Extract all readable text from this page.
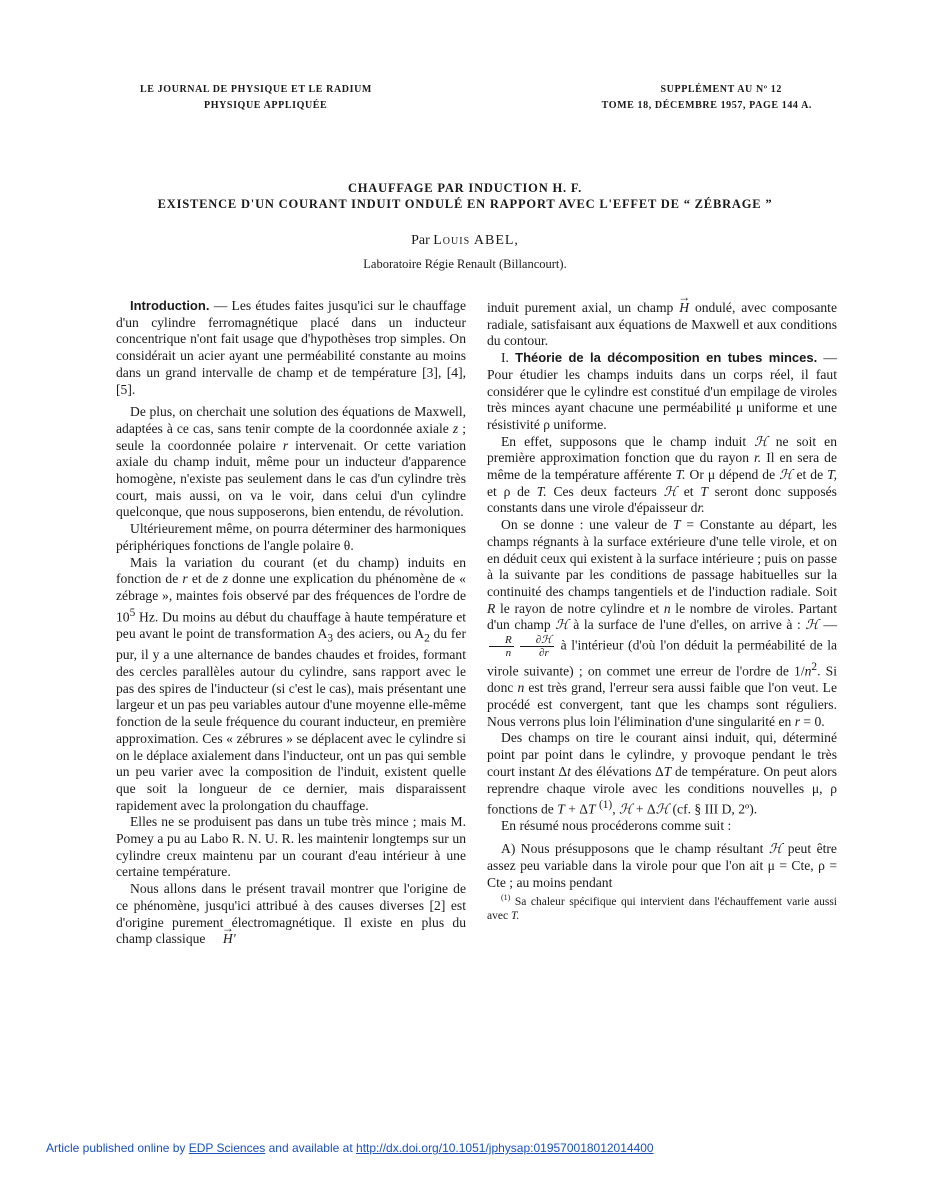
LE JOURNAL DE PHYSIQUE ET LE RADIUM
PHYSIQUE APPLIQUÉE
SUPPLÉMENT AU Nº 12
TOME 18, DÉCEMBRE 1957, PAGE 144 A.
CHAUFFAGE PAR INDUCTION H. F.
EXISTENCE D'UN COURANT INDUIT ONDULÉ EN RAPPORT AVEC L'EFFET DE “ ZÉBRAGE ”
Par Louis ABEL,
Laboratoire Régie Renault (Billancourt).

Introduction. — Les études faites jusqu'ici sur le chauffage d'un cylindre ferromagnétique placé dans un inducteur concentrique n'ont fait usage que d'hypothèses trop simples. On considérait un acier ayant une perméabilité constante au moins dans un grand intervalle de champ et de température [3], [4], [5].

De plus, on cherchait une solution des équations de Maxwell, adaptées à ce cas, sans tenir compte de la coordonnée axiale z ; seule la coordonnée polaire r intervenait. Or cette variation axiale du champ induit, même pour un inducteur d'apparence homogène, n'existe pas seulement dans le cas d'un cylindre très court, mais aussi, on va le voir, dans celui d'un cylindre quelconque, que nous supposerons, bien entendu, de révolution.

Ultérieurement même, on pourra déterminer des harmoniques périphériques fonctions de l'angle polaire θ.

Mais la variation du courant (et du champ) induits en fonction de r et de z donne une explication du phénomène de « zébrage », maintes fois observé par des fréquences de l'ordre de $10^5$ Hz. Du moins au début du chauffage à haute température et peu avant le point de transformation $A_3$ des aciers, ou $A_2$ du fer pur, il y a une alternance de bandes chaudes et froides, formant des cercles parallèles autour du cylindre, sans rapport avec le pas des spires de l'inducteur (si c'est le cas), mais présentant une largeur et un pas peu variables autour d'une moyenne elle-même fonction de la seule fréquence du courant inducteur, en première approximation. Ces « zébrures » se déplacent avec le cylindre si on le déplace axialement dans l'inducteur, ont un pas qui semble un peu varier avec la composition de l'induit, existent quelle que soit la longueur de ce dernier, mais disparaissent rapidement avec la prolongation du chauffage.

Elles ne se produisent pas dans un tube très mince ; mais M. Pomey a pu au Labo R. N. U. R. les maintenir longtemps sur un cylindre creux maintenu par un courant d'eau intérieur à une certaine température.

Nous allons dans le présent travail montrer que l'origine de ce phénomène, jusqu'ici attribué à des causes diverses [2] est d'origine purement électromagnétique. Il existe en plus du champ classique → H'

induit purement axial, un champ → H ondulé, avec composante radiale, satisfaisant aux équations de Maxwell et aux conditions du contour.

I. Théorie de la décomposition en tubes minces. — Pour étudier les champs induits dans un corps réel, il faut considérer que le cylindre est constitué d'un empilage de viroles très minces ayant chacune une perméabilité μ uniforme et une résistivité ρ uniforme.

En effet, supposons que le champ induit ℋ ne soit en première approximation fonction que du rayon r. Il en sera de même de la température afférente T. Or μ dépend de ℋ et de T, et ρ de T. Ces deux facteurs ℋ et T seront donc supposés constants dans une virole d'épaisseur dr.

On se donne : une valeur de T = Constante au départ, les champs régnants à la surface extérieure d'une telle virole, et on en déduit ceux qui existent à la surface intérieure ; puis on passe à la suivante par les conditions de passage habituelles sur la continuité des champs tangentiels et de l'induction radiale. Soit R le rayon de notre cylindre et n le nombre de viroles. Partant d'un champ ℋ à la surface de l'une d'elles, on arrive à : ℋ —
$\frac{R}{n} \frac{\text{∂ℋ}}{\partial r}$ à l'intérieur (d'où l'on déduit la perméabilité de la virole suivante) ; on commet une erreur de l'ordre de $1/n^2$. Si donc n est très grand, l'erreur sera aussi faible que l'on veut. Le procédé est convergent, tant que les champs sont réguliers. Nous verrons plus loin l'élimination d'une singularité en r = 0.

Des champs on tire le courant ainsi induit, qui, déterminé point par point dans le cylindre, y provoque pendant le très court instant Δt des élévations ΔT de température. On peut alors reprendre chaque virole avec les conditions nouvelles μ, ρ fonctions de T + ΔT $^{(1)}$, ℋ + Δℋ (cf. § III D, 2º).

En résumé nous procéderons comme suit :

A) Nous présupposons que le champ résultant ℋ peut être assez peu variable dans la virole pour que l'on ait μ = Cte, ρ = Cte ; au moins pendant

$^{(1)}$ Sa chaleur spécifique qui intervient dans l'échauffement varie aussi avec T.

Article published online by EDP Sciences and available at http://dx.doi.org/10.1051/jphysap:019570018012014400
